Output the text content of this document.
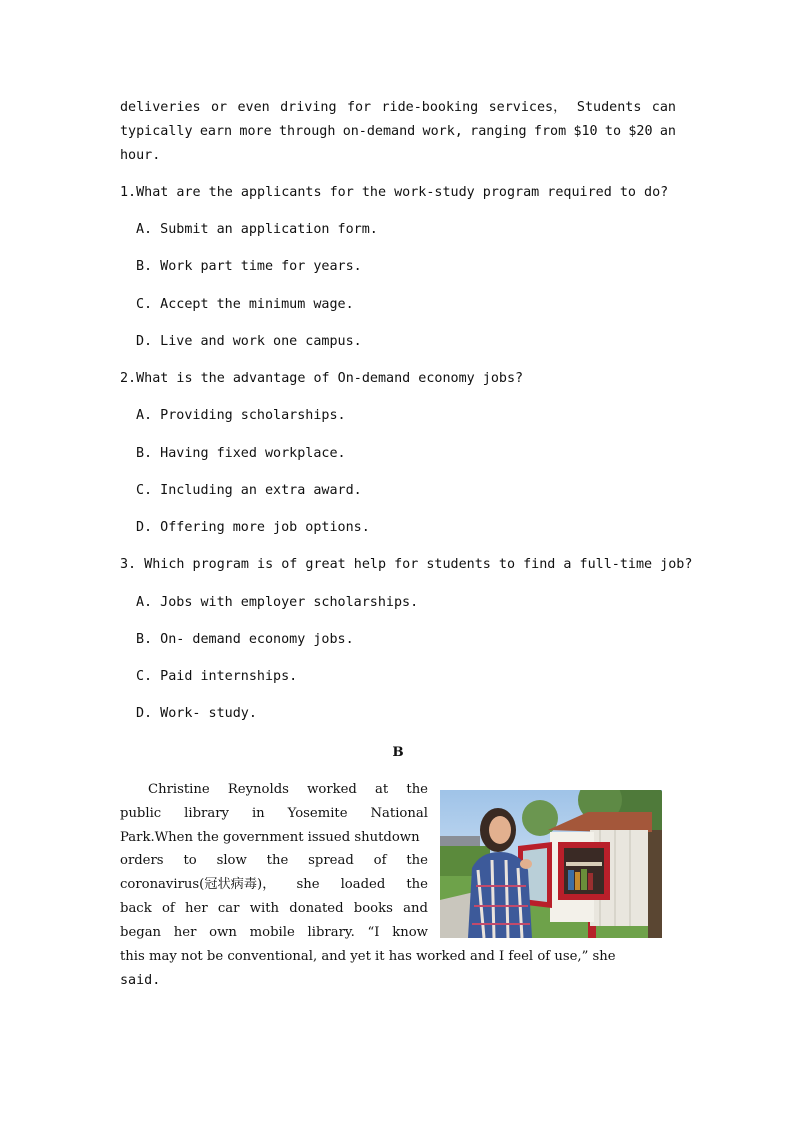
deliveries or even driving for ride-booking services， Students can
typically earn more through on-demand work, ranging from $10 to $20 an
hour.
1.What are the applicants for the work-study program required to do?
A. Submit an application form.
B. Work part time for years.
C. Accept the minimum wage.
D. Live and work one campus.
2.What is the advantage of On-demand economy jobs?
A. Providing scholarships.
B. Having fixed workplace.
C. Including an extra award.
D. Offering more job options.
3. Which program is of great help for students to find a full-time job?
A. Jobs with employer scholarships.
B. On- demand economy jobs.
C. Paid internships.
D. Work- study.
B
Christine Reynolds worked at the
public library in Yosemite National
Park.When the government issued shutdown
orders to slow the spread of the
coronavirus(冠状病毒)， she loaded the
back of her car with donated books and
began her own mobile library. “I know
this may not be conventional, and yet it has worked and I feel of use,” she
said.
